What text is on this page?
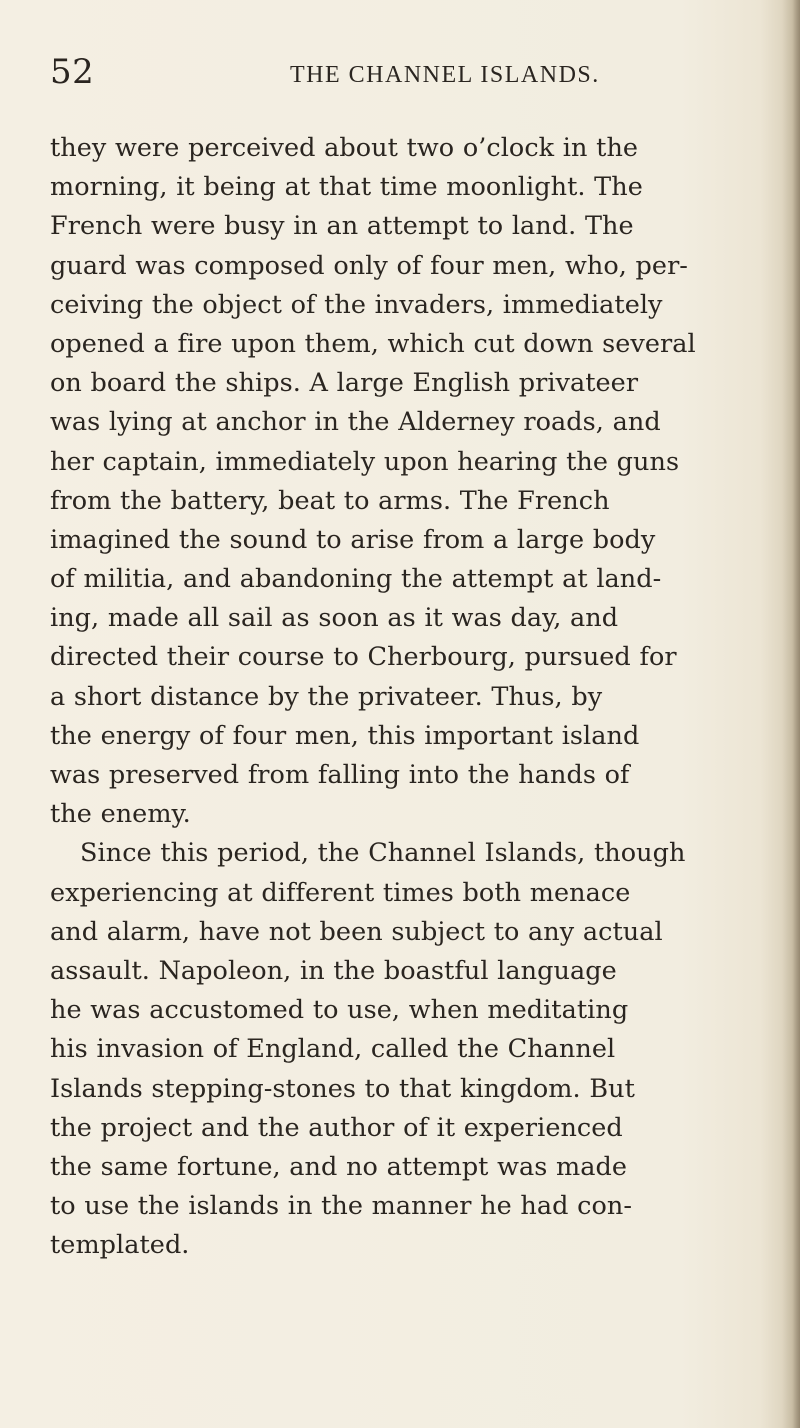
52	THE CHANNEL ISLANDS.
they were perceived about two o’clock in the
morning, it being at that time moonlight. The
French were busy in an attempt to land. The
guard was composed only of four men, who, per-
ceiving the object of the invaders, immediately
opened a fire upon them, which cut down several
on board the ships. A large English privateer
was lying at anchor in the Alderney roads, and
her captain, immediately upon hearing the guns
from the battery, beat to arms. The French
imagined the sound to arise from a large body
of militia, and abandoning the attempt at land-
ing, made all sail as soon as it was day, and
directed their course to Cherbourg, pursued for
a short distance by the privateer. Thus, by
the energy of four men, this important island
was preserved from falling into the hands of
the enemy.
Since this period, the Channel Islands, though
experiencing at different times both menace
and alarm, have not been subject to any actual
assault. Napoleon, in the boastful language
he was accustomed to use, when meditating
his invasion of England, called the Channel
Islands stepping-stones to that kingdom. But
the project and the author of it experienced
the same fortune, and no attempt was made
to use the islands in the manner he had con-
templated.
